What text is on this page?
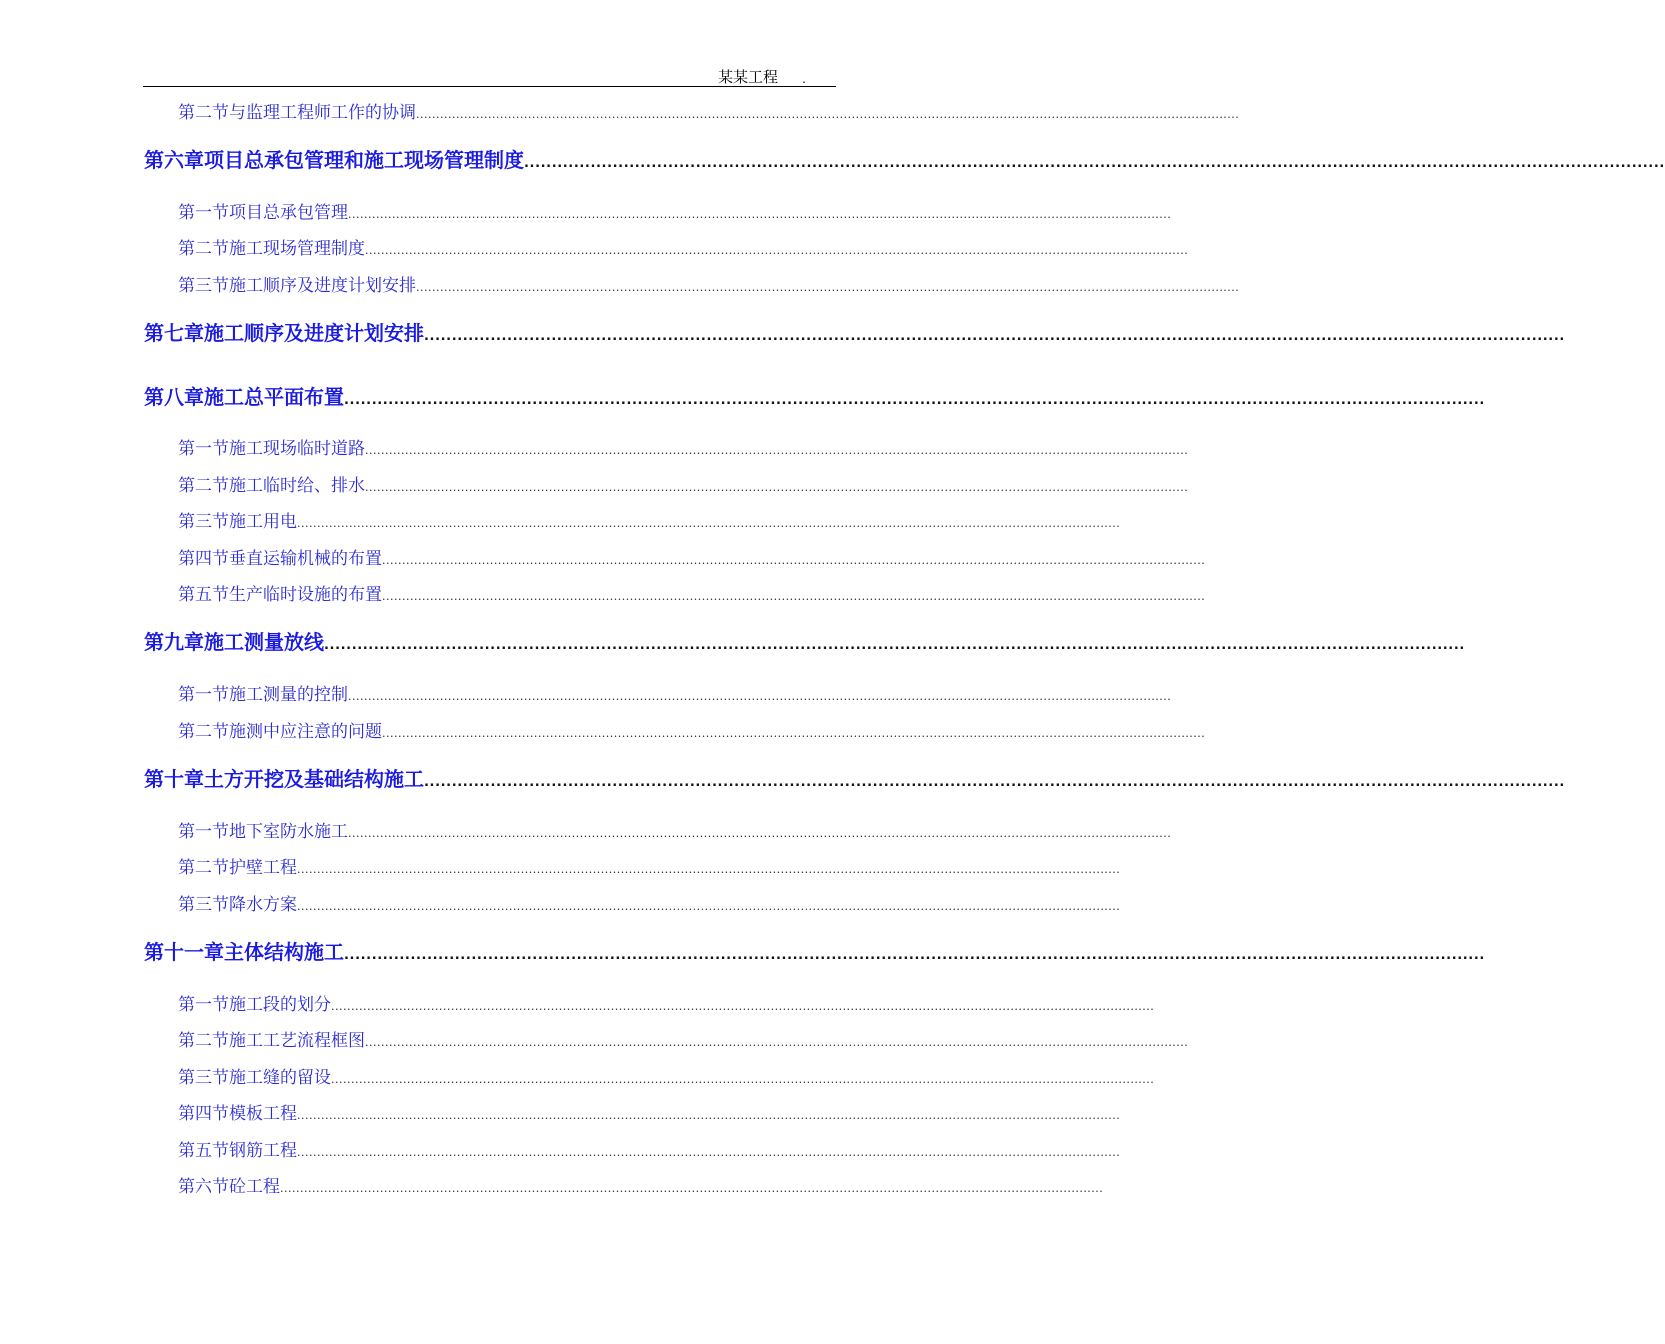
某某工程 .
第二节 与监理工程师工作的协调 ..............................................................................................................................................................................................................
第六章 项目总承包管理和施工现场管理制度 ..............................................................................................................................................................................................................
第一节 项目总承包管理 ..............................................................................................................................................................................................................
第二节 施工现场管理制度 ..............................................................................................................................................................................................................
第三节 施工顺序及进度计划安排 ..............................................................................................................................................................................................................
第七章 施工顺序及进度计划安排 ..............................................................................................................................................................................................................
第八章 施工总平面布置 ..............................................................................................................................................................................................................
第一节 施工现场临时道路 ..............................................................................................................................................................................................................
第二节 施工临时给、排水 ..............................................................................................................................................................................................................
第三节 施工用电 ..............................................................................................................................................................................................................
第四节 垂直运输机械的布置 ..............................................................................................................................................................................................................
第五节 生产临时设施的布置 ..............................................................................................................................................................................................................
第九章 施工测量放线 ..............................................................................................................................................................................................................
第一节 施工测量的控制 ..............................................................................................................................................................................................................
第二节 施测中应注意的问题 ..............................................................................................................................................................................................................
第十章 土方开挖及基础结构施工 ..............................................................................................................................................................................................................
第一节 地下室防水施工 ..............................................................................................................................................................................................................
第二节 护壁工程 ..............................................................................................................................................................................................................
第三节 降水方案 ..............................................................................................................................................................................................................
第十一章 主体结构施工 ..............................................................................................................................................................................................................
第一节 施工段的划分 ..............................................................................................................................................................................................................
第二节 施工工艺流程框图 ..............................................................................................................................................................................................................
第三节 施工缝的留设 ..............................................................................................................................................................................................................
第四节 模板工程 ..............................................................................................................................................................................................................
第五节 钢筋工程 ..............................................................................................................................................................................................................
第六节 砼工程 ..............................................................................................................................................................................................................
